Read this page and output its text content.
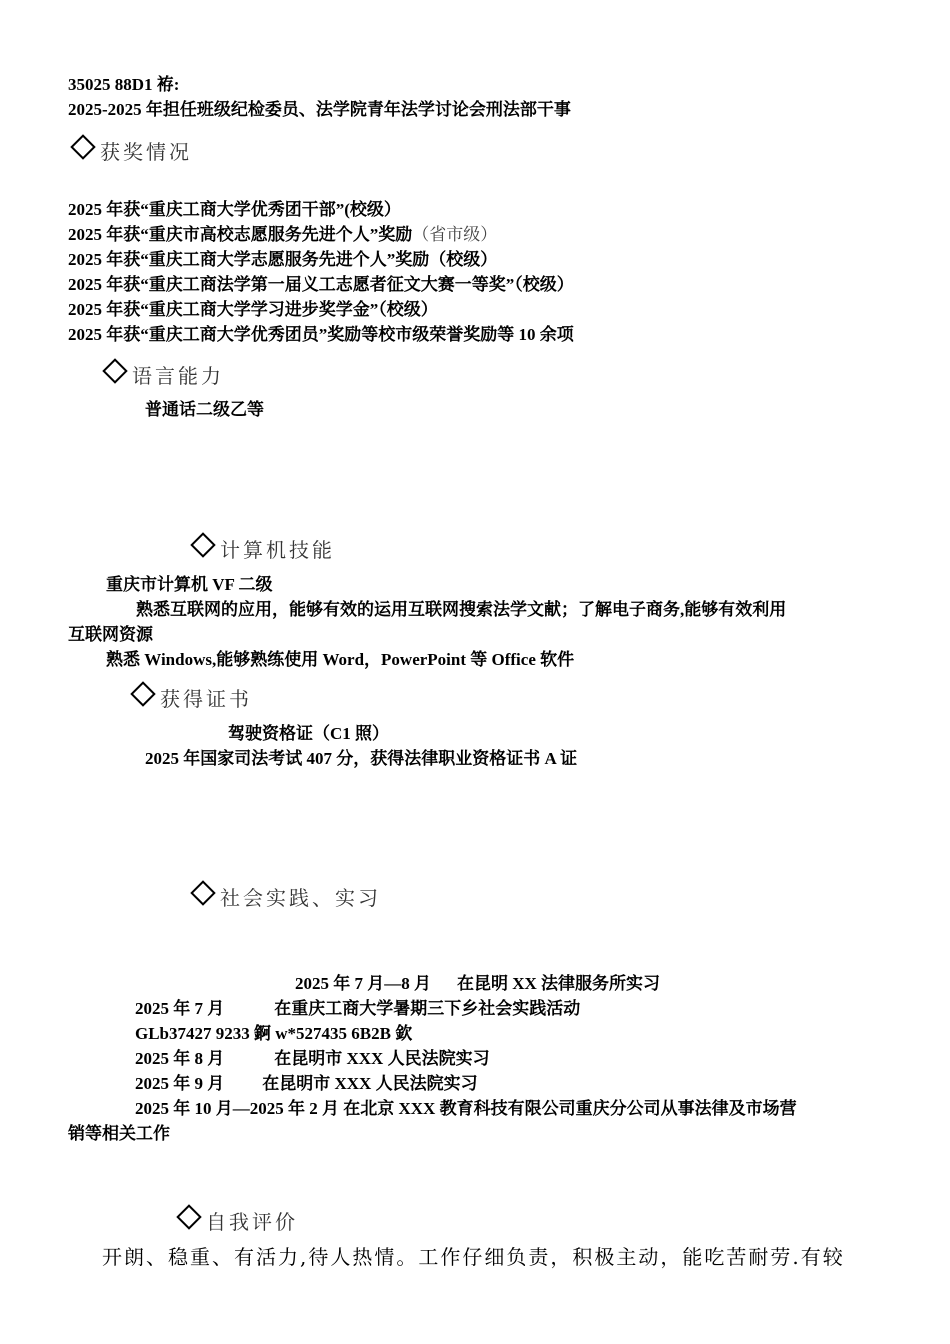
35025 88D1 袸:
2025-2025 年担任班级纪检委员、法学院青年法学讨论会刑法部干事
获奖情况
2025 年获“重庆工商大学优秀团干部”(校级）
2025 年获“重庆市高校志愿服务先进个人”奖励（省市级）
2025 年获“重庆工商大学志愿服务先进个人”奖励（校级）
2025 年获“重庆工商法学第一届义工志愿者征文大赛一等奖”（校级）
2025 年获“重庆工商大学学习进步奖学金”（校级）
2025 年获“重庆工商大学优秀团员”奖励等校市级荣誉奖励等 10 余项
语言能力
普通话二级乙等
计算机技能
重庆市计算机 VF 二级
熟悉互联网的应用，能够有效的运用互联网搜索法学文献；了解电子商务,能够有效利用
互联网资源
熟悉 Windows,能够熟练使用 Word，PowerPoint 等 Office 软件
获得证书
驾驶资格证（C1 照）
2025 年国家司法考试 407 分，获得法律职业资格证书 A 证
社会实践、实习
2025 年 7 月—8 月 在昆明 XX 法律服务所实习
2025 年 7 月	在重庆工商大学暑期三下乡社会实践活动
GLb37427 9233 錒 w*527435 6B2B 欽
2025 年 8 月	在昆明市 XXX 人民法院实习
2025 年 9 月 在昆明市 XXX 人民法院实习
2025 年 10 月—2025 年 2 月 在北京 XXX 教育科技有限公司重庆分公司从事法律及市场营
销等相关工作
自我评价
开朗、稳重、有活力,待人热情。工作仔细负责，积极主动，能吃苦耐劳.有较
